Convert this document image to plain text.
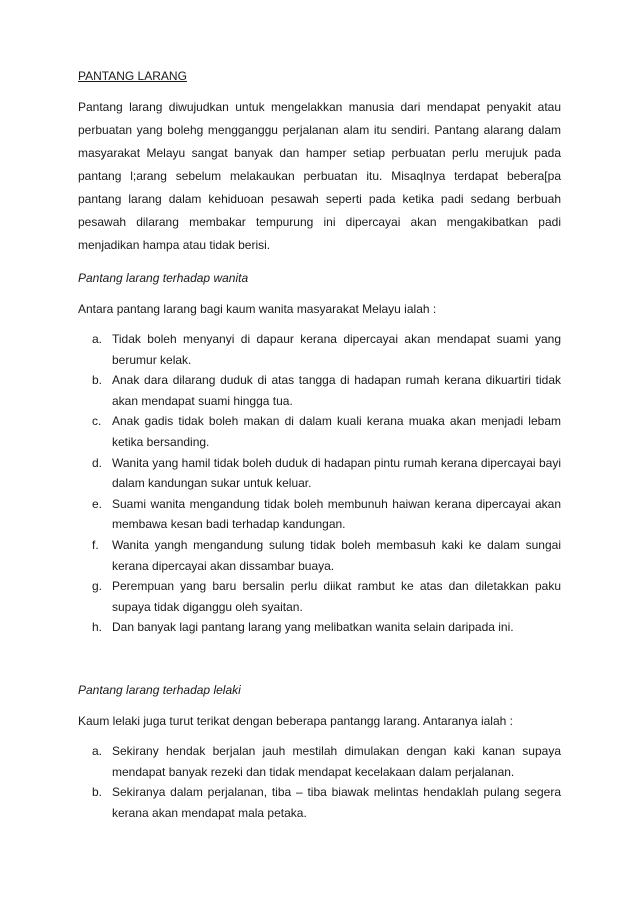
PANTANG LARANG

Pantang larang diwujudkan untuk mengelakkan manusia dari mendapat penyakit atau perbuatan yang bolehg mengganggu perjalanan alam itu sendiri. Pantang alarang dalam masyarakat Melayu sangat banyak dan hamper setiap perbuatan perlu merujuk pada pantang l;arang sebelum melakaukan perbuatan itu. Misaqlnya terdapat bebera[pa pantang larang dalam kehiduoan pesawah seperti pada ketika padi sedang berbuah pesawah dilarang membakar tempurung ini dipercayai akan mengakibatkan padi menjadikan hampa atau tidak berisi.

Pantang larang terhadap wanita
Antara pantang larang bagi kaum wanita masyarakat Melayu ialah :
a. Tidak boleh menyanyi di dapaur kerana dipercayai akan mendapat suami yang berumur kelak.
b. Anak dara dilarang duduk di atas tangga di hadapan rumah kerana dikuartiri tidak akan mendapat suami hingga tua.
c. Anak gadis tidak boleh makan di dalam kuali kerana muaka akan menjadi lebam ketika bersanding.
d. Wanita yang hamil tidak boleh duduk di hadapan pintu rumah kerana dipercayai bayi dalam kandungan sukar untuk keluar.
e. Suami wanita mengandung tidak boleh membunuh haiwan kerana dipercayai akan membawa kesan badi terhadap kandungan.
f. Wanita yangh mengandung sulung tidak boleh membasuh kaki ke dalam sungai kerana dipercayai akan dissambar buaya.
g. Perempuan yang baru bersalin perlu diikat rambut ke atas dan diletakkan paku supaya tidak diganggu oleh syaitan.
h. Dan banyak lagi pantang larang yang melibatkan wanita selain daripada ini.
Pantang larang terhadap lelaki
Kaum lelaki juga turut terikat dengan beberapa pantangg larang. Antaranya ialah :
a. Sekirany hendak berjalan jauh mestilah dimulakan dengan kaki kanan supaya mendapat banyak rezeki dan tidak mendapat kecelakaan dalam perjalanan.
b. Sekiranya dalam perjalanan, tiba – tiba biawak melintas hendaklah pulang segera kerana akan mendapat mala petaka.
